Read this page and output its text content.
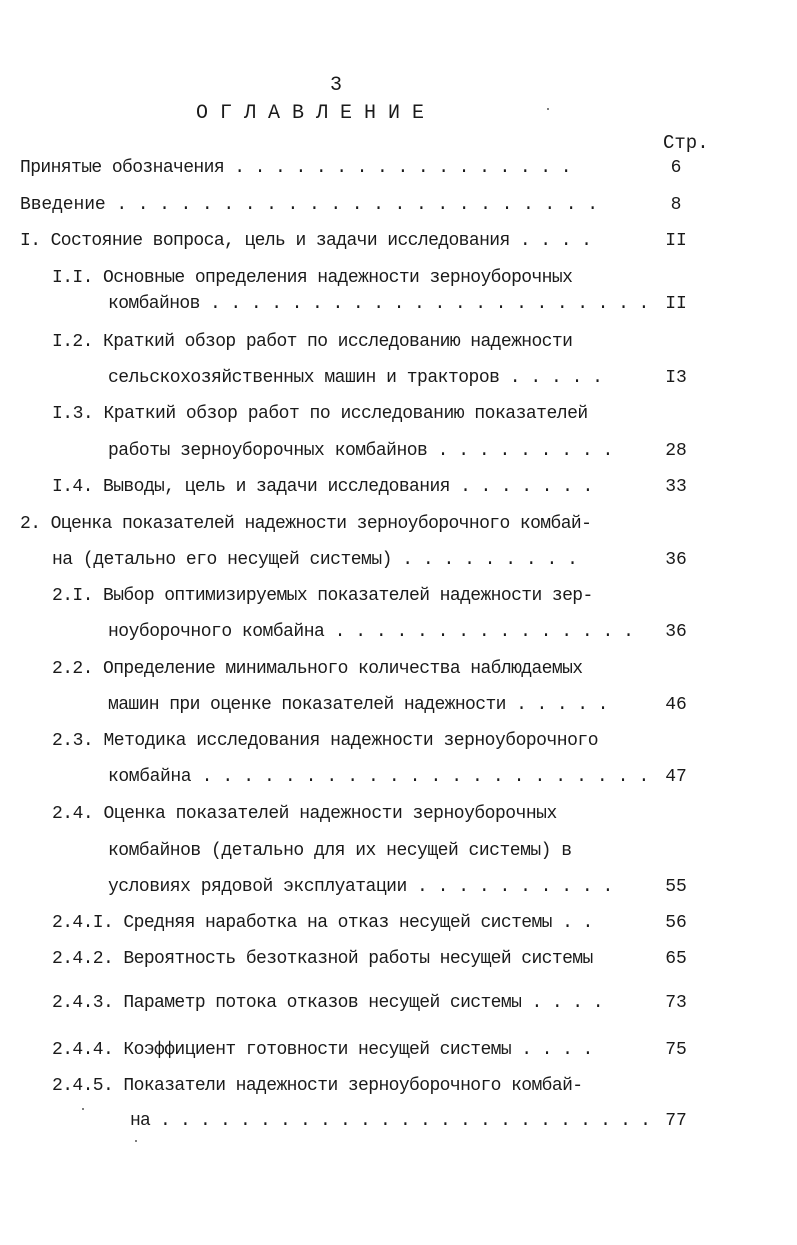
3
ОГЛАВЛЕНИЕ
Стр.
Принятые обозначения . . . . . . . . . . . . . . . . .	6
Введение . . . . . . . . . . . . . . . . . . . . . . .	8
I. Состояние вопроса, цель и задачи исследования . . . .	II
I.I. Основные определения надежности зерноуборочных
комбайнов . . . . . . . . . . . . . . . . . . . . . . II
I.2. Краткий обзор работ по исследованию надежности
сельскохозяйственных машин и тракторов . . . . .	I3
I.3. Краткий обзор работ по исследованию показателей
работы зерноуборочных комбайнов . . . . . . . . .	28
I.4. Выводы, цель и задачи исследования . . . . . . .	33
2. Оценка показателей надежности зерноуборочного комбай-
на (детально его несущей системы) . . . . . . . . .	36
2.I. Выбор оптимизируемых показателей надежности зер-
ноуборочного комбайна . . . . . . . . . . . . . . .	36
2.2. Определение минимального количества наблюдаемых
машин при оценке показателей надежности . . . . .	46
2.3. Методика исследования надежности зерноуборочного
комбайна . . . . . . . . . . . . . . . . . . . . . . 47
2.4. Оценка показателей надежности зерноуборочных
комбайнов (детально для их несущей системы) в
условиях рядовой эксплуатации . . . . . . . . . .	55
2.4.I. Средняя наработка на отказ несущей системы . .	56
2.4.2. Вероятность безотказной работы несущей системы	65
2.4.3. Параметр потока отказов несущей системы . . . .	73
2.4.4. Коэффициент готовности несущей системы . . . .	75
2.4.5. Показатели надежности зерноуборочного комбай-
на . . . . . . . . . . . . . . . . . . . . . . . . . 77
